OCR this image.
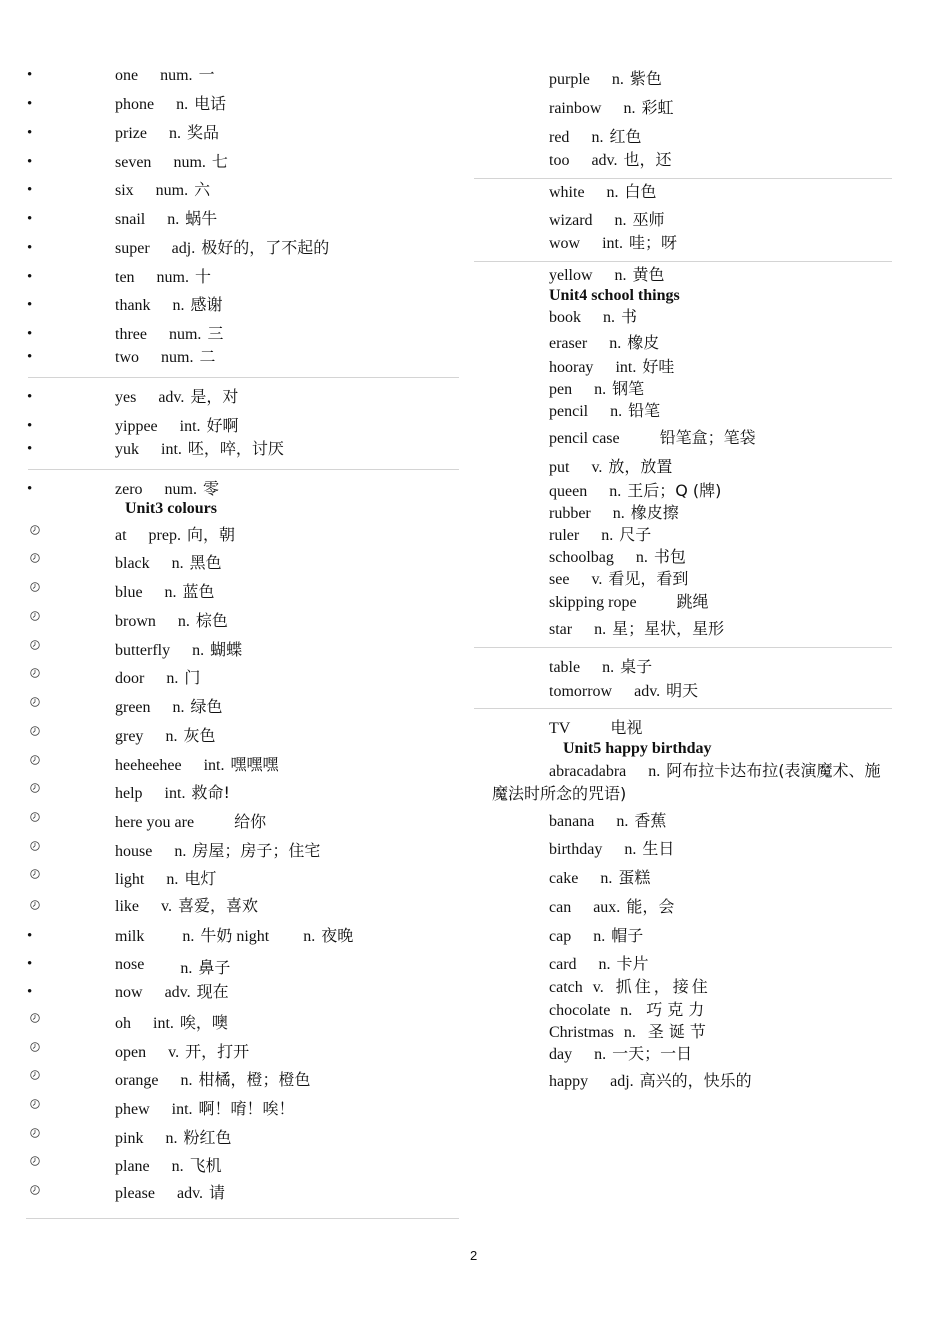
•	one num. 一
•	phone n. 电话
•	prize n. 奖品
•	seven num. 七
•	six num. 六
•	snail n. 蜗牛
•	super adj. 极好的，了不起的
•	ten num. 十
•	thank n. 感谢
•	three num. 三
•	two num. 二
•	yes adv. 是，对
•	yippee int. 好啊
•	yuk int. 呸，啐，讨厌
•	zero num. 零
Unit3 colours
at prep. 向，朝
black n. 黑色
blue n. 蓝色
brown n. 棕色
butterfly n. 蝴蝶
door n. 门
green n. 绿色
grey n. 灰色
heeheehee int. 嘿嘿嘿
help int. 救命!
here you are	给你
house n. 房屋；房子；住宅
light n. 电灯
like v. 喜爱，喜欢
•	milk n. 牛奶 night n. 夜晚
•	nose n. 鼻子
•	now adv. 现在
oh int. 唉，噢
open v. 开，打开
orange n. 柑橘，橙；橙色
phew int. 啊！唷！唉！
pink n. 粉红色
plane n. 飞机
please adv. 请
purple n. 紫色
rainbow n. 彩虹
red n. 红色
too adv. 也，还
white n. 白色
wizard n. 巫师
wow int. 哇；呀
yellow n. 黄色
Unit4 school things
book n. 书
eraser n. 橡皮
hooray int. 好哇
pen n. 钢笔
pencil n. 铅笔
pencil case	铅笔盒；笔袋
put v. 放，放置
queen n. 王后；Q (牌)
rubber n. 橡皮擦
ruler n. 尺子
schoolbag n. 书包
see v. 看见，看到
skipping rope	跳绳
star n. 星；星状，星形
table n. 桌子
tomorrow adv. 明天
TV	电视
Unit5 happy birthday
abracadabra n. 阿布拉卡达布拉(表演魔术、施魔法时所念的咒语)
banana n. 香蕉
birthday n. 生日
cake n. 蛋糕
can aux. 能，会
cap n. 帽子
card n. 卡片
catch v. 抓住，接住
chocolate n. 巧克力
Christmas n. 圣诞节
day n. 一天；一日
happy adj. 高兴的，快乐的
2
